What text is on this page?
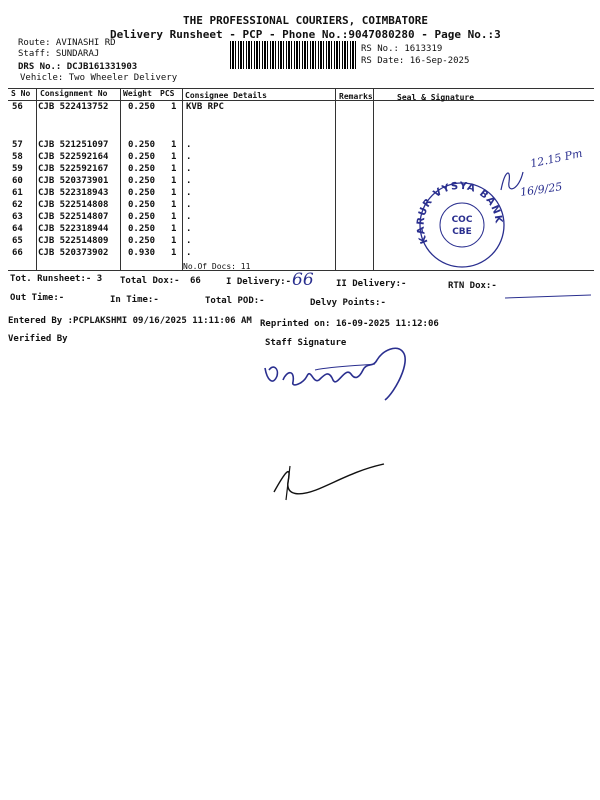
THE PROFESSIONAL COURIERS, COIMBATORE
Delivery Runsheet - PCP - Phone No.:9047080280 - Page No.:3
Route: AVINASHI RD
Staff: SUNDARAJ
DRS No.: DCJB161331903
Vehicle: Two Wheeler Delivery
RS No.: 1613319
RS Date: 16-Sep-2025
S No Consignment No Weight PCS Consignee Details	Remarks	Seal & Signature
56 CJB 522413752 0.250 1 KVB RPC
57 CJB 521251097 0.250 1 .
58 CJB 522592164 0.250 1 .
59 CJB 522592167 0.250 1 .
60 CJB 520373901 0.250 1 .
61 CJB 522318943 0.250 1 .
62 CJB 522514808 0.250 1 .
63 CJB 522514807 0.250 1 .
64 CJB 522318944 0.250 1 .
65 CJB 522514809 0.250 1 .
66 CJB 520373902 0.930 1 .
No.Of Docs: 11
KARUR VYSYA BANK
COC
CBE
12.15 Pm
16/9/25
Tot. Runsheet:- 3 Total Dox:- 66	I Delivery:- 66 II Delivery:-	RTN Dox:-
Out Time:-	In Time:-	Total POD:-	Delvy Points:-
Entered By :PCPLAKSHMI 09/16/2025 11:11:06 AM Reprinted on: 16-09-2025 11:12:06
Verified By	Staff Signature
